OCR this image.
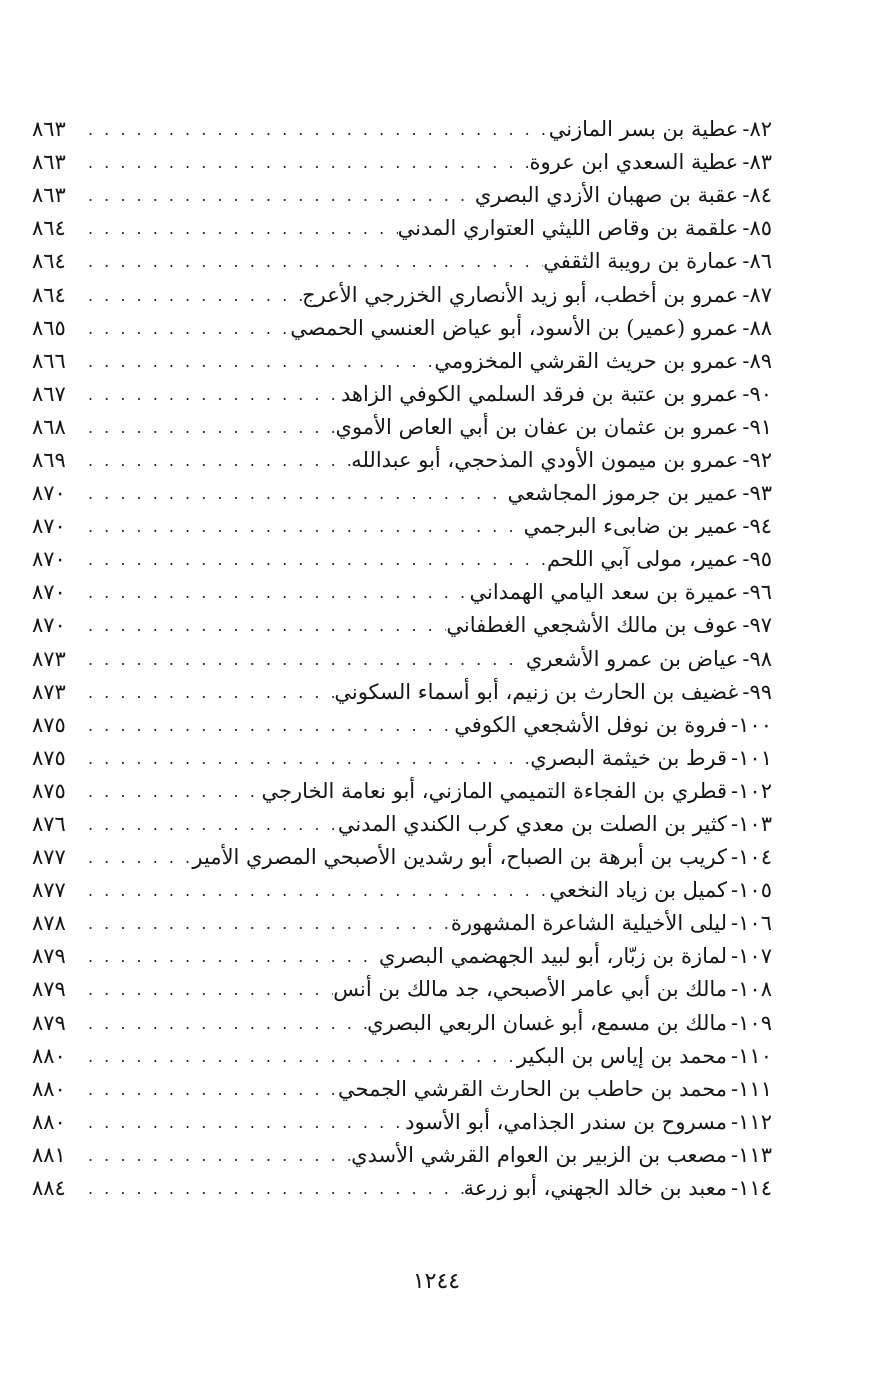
٨٢-
عطية بن بسر المازني
. . .
٨٦٣
٨٣-
عطية السعدي ابن عروة
. . .
٨٦٣
٨٤-
عقبة بن صهبان الأزدي البصري
. . .
٨٦٣
٨٥-
علقمة بن وقاص الليثي العتواري المدني
. . .
٨٦٤
٨٦-
عمارة بن رويبة الثقفي
. . .
٨٦٤
٨٧-
عمرو بن أخطب، أبو زيد الأنصاري الخزرجي الأعرج
. . .
٨٦٤
٨٨-
عمرو (عمير) بن الأسود، أبو عياض العنسي الحمصي
. . .
٨٦٥
٨٩-
عمرو بن حريث القرشي المخزومي
. . .
٨٦٦
٩٠-
عمرو بن عتبة بن فرقد السلمي الكوفي الزاهد
. . .
٨٦٧
٩١-
عمرو بن عثمان بن عفان بن أبي العاص الأموي
. . .
٨٦٨
٩٢-
عمرو بن ميمون الأودي المذحجي، أبو عبدالله
. . .
٨٦٩
٩٣-
عمير بن جرموز المجاشعي
. . .
٨٧٠
٩٤-
عمير بن ضابىء البرجمي
. . .
٨٧٠
٩٥-
عمير، مولى آبي اللحم
. . .
٨٧٠
٩٦-
عميرة بن سعد اليامي الهمداني
. . .
٨٧٠
٩٧-
عوف بن مالك الأشجعي الغطفاني
. . .
٨٧٠
٩٨-
عياض بن عمرو الأشعري
. . .
٨٧٣
٩٩-
غضيف بن الحارث بن زنيم، أبو أسماء السكوني
. . .
٨٧٣
١٠٠-
فروة بن نوفل الأشجعي الكوفي
. . .
٨٧٥
١٠١-
قرط بن خيثمة البصري
. . .
٨٧٥
١٠٢-
قطري بن الفجاءة التميمي المازني، أبو نعامة الخارجي
. . .
٨٧٥
١٠٣-
كثير بن الصلت بن معدي كرب الكندي المدني
. . .
٨٧٦
١٠٤-
كريب بن أبرهة بن الصباح، أبو رشدين الأصبحي المصري الأمير
. . .
٨٧٧
١٠٥-
كميل بن زياد النخعي
. . .
٨٧٧
١٠٦-
ليلى الأخيلية الشاعرة المشهورة
. . .
٨٧٨
١٠٧-
لمازة بن زبّار، أبو لبيد الجهضمي البصري
. . .
٨٧٩
١٠٨-
مالك بن أبي عامر الأصبحي، جد مالك بن أنس
. . .
٨٧٩
١٠٩-
مالك بن مسمع، أبو غسان الربعي البصري
. . .
٨٧٩
١١٠-
محمد بن إياس بن البكير
. . .
٨٨٠
١١١-
محمد بن حاطب بن الحارث القرشي الجمحي
. . .
٨٨٠
١١٢-
مسروح بن سندر الجذامي، أبو الأسود
. . .
٨٨٠
١١٣-
مصعب بن الزبير بن العوام القرشي الأسدي
. . .
٨٨١
١١٤-
معبد بن خالد الجهني، أبو زرعة
. . .
٨٨٤
١٢٤٤
